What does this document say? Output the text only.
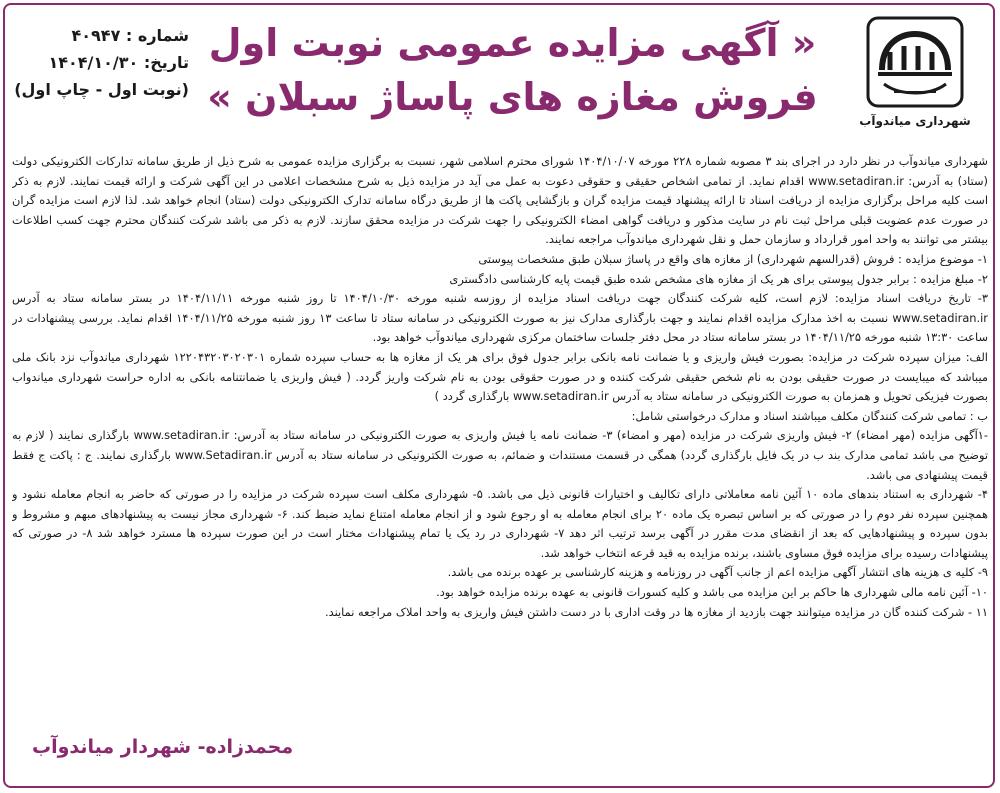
شهرداری میاندوآب
« آگهی مزایده عمومی نوبت اول
فروش مغازه های پاساژ سبلان »
شماره : ۴۰۹۴۷
تاریخ: ۱۴۰۴/۱۰/۳۰
(نوبت اول - چاپ اول)

شهرداری میاندوآب در نظر دارد در اجرای بند ۳ مصوبه شماره ۲۲۸ مورخه ۱۴۰۴/۱۰/۰۷ شورای محترم اسلامی شهر، نسبت به برگزاری مزایده عمومی به شرح ذیل از طریق سامانه تدارکات الکترونیکی دولت (ستاد) به آدرس: www.setadiran.ir اقدام نماید. از تمامی اشخاص حقیقی و حقوقی دعوت به عمل می آید در مزایده ذیل به شرح مشخصات اعلامی در این آگهی شرکت و ارائه قیمت نمایند. لازم به ذکر است کلیه مراحل برگزاری مزایده از دریافت اسناد تا ارائه پیشنهاد قیمت مزایده گران و بازگشایی پاکت ها از طریق درگاه سامانه تدارک الکترونیکی دولت (ستاد) انجام خواهد شد. لذا لازم است مزایده گران در صورت عدم عضویت قبلی مراحل ثبت نام در سایت مذکور و دریافت گواهی امضاء الکترونیکی را جهت شرکت در مزایده محقق سازند. لازم به ذکر می باشد شرکت کنندگان محترم جهت کسب اطلاعات بیشتر می توانند به واحد امور قرارداد و سازمان حمل و نقل شهرداری میاندوآب مراجعه نمایند.

۱- موضوع مزایده : فروش (قدرالسهم شهرداری) از مغازه های واقع در پاساژ سبلان طبق مشخصات پیوستی

۲- مبلغ مزایده : برابر جدول پیوستی برای هر یک از مغازه های مشخص شده طبق قیمت پایه کارشناسی دادگستری

۳- تاریخ دریافت اسناد مزایده: لازم است، کلیه شرکت کنندگان جهت دریافت اسناد مزایده از روزسه شنبه مورخه ۱۴۰۴/۱۰/۳۰ تا روز شنبه مورخه ۱۴۰۴/۱۱/۱۱ در بستر سامانه ستاد به آدرس www.setadiran.ir نسبت به اخذ مدارک مزایده اقدام نمایند و جهت بارگذاری مدارک نیز به صورت الکترونیکی در سامانه ستاد تا ساعت ۱۳ روز شنبه مورخه ۱۴۰۴/۱۱/۲۵ اقدام نماید. بررسی پیشنهادات در ساعت ۱۳:۳۰ شنبه مورخه ۱۴۰۴/۱۱/۲۵ در بستر سامانه ستاد در محل دفتر جلسات ساختمان مرکزی شهرداری میاندوآب خواهد بود.

الف: میزان سپرده شرکت در مزایده: بصورت فیش واریزی و یا ضمانت نامه بانکی برابر جدول فوق برای هر یک از مغازه ها به حساب سپرده شماره ۱۲۲۰۴۳۲۰۳۰۲۰۳۰۱ شهرداری میاندوآب نزد بانک ملی میباشد که میبایست در صورت حقیقی بودن به نام شخص حقیقی شرکت کننده و در صورت حقوقی بودن به نام شرکت واریز گردد. ( فیش واریزی یا ضمانتنامه بانکی به اداره حراست شهرداری میاندواب بصورت فیزیکی تحویل و همزمان به صورت الکترونیکی در سامانه ستاد به آدرس www.setadiran.ir بارگذاری گردد )

ب : تمامی شرکت کنندگان مکلف میباشند اسناد و مدارک درخواستی شامل:

-۱آگهی مزایده (مهر امضاء) ۲- فیش واریزی شرکت در مزایده (مهر و امضاء) ۳- ضمانت نامه یا فیش واریزی به صورت الکترونیکی در سامانه ستاد به آدرس: www.setadiran.ir بارگذاری نمایند ( لازم به توضیح می باشد تمامی مدارک بند ب در یک فایل بارگذاری گردد) همگی در قسمت مستندات و ضمائم، به صورت الکترونیکی در سامانه ستاد به آدرس www.Setadiran.ir بارگذاری نمایند. ج : پاکت ج فقط قیمت پیشنهادی می باشد.

۴- شهرداری به استناد بندهای ماده ۱۰ آئین نامه معاملاتی دارای تکالیف و اختیارات قانونی ذیل می باشد. ۵- شهرداری مکلف است سپرده شرکت در مزایده را در صورتی که حاضر به انجام معامله نشود و همچنین سپرده نفر دوم را در صورتی که بر اساس تبصره یک ماده ۲۰ برای انجام معامله به او رجوع شود و از انجام معامله امتناع نماید ضبط کند. ۶- شهرداری مجاز نیست به پیشنهادهای مبهم و مشروط و بدون سپرده و پیشنهادهایی که بعد از انقضای مدت مقرر در آگهی برسد ترتیب اثر دهد ۷- شهرداری در رد یک یا تمام پیشنهادات مختار است در این صورت سپرده ها مسترد خواهد شد ۸- در صورتی که پیشنهادات رسیده برای مزایده فوق مساوی باشند، برنده مزایده به قید قرعه انتخاب خواهد شد.

۹- کلیه ی هزینه های انتشار آگهی مزایده اعم از جانب آگهی در روزنامه و هزینه کارشناسی بر عهده برنده می باشد.

۱۰- آئین نامه مالی شهرداری ها حاکم بر این مزایده می باشد و کلیه کسورات قانونی به عهده برنده مزایده خواهد بود.

۱۱ - شرکت کننده گان در مزایده میتوانند جهت بازدید از مغازه ها در وقت اداری با در دست داشتن فیش واریزی به واحد املاک مراجعه نمایند.

محمدزاده- شهردار میاندوآب
